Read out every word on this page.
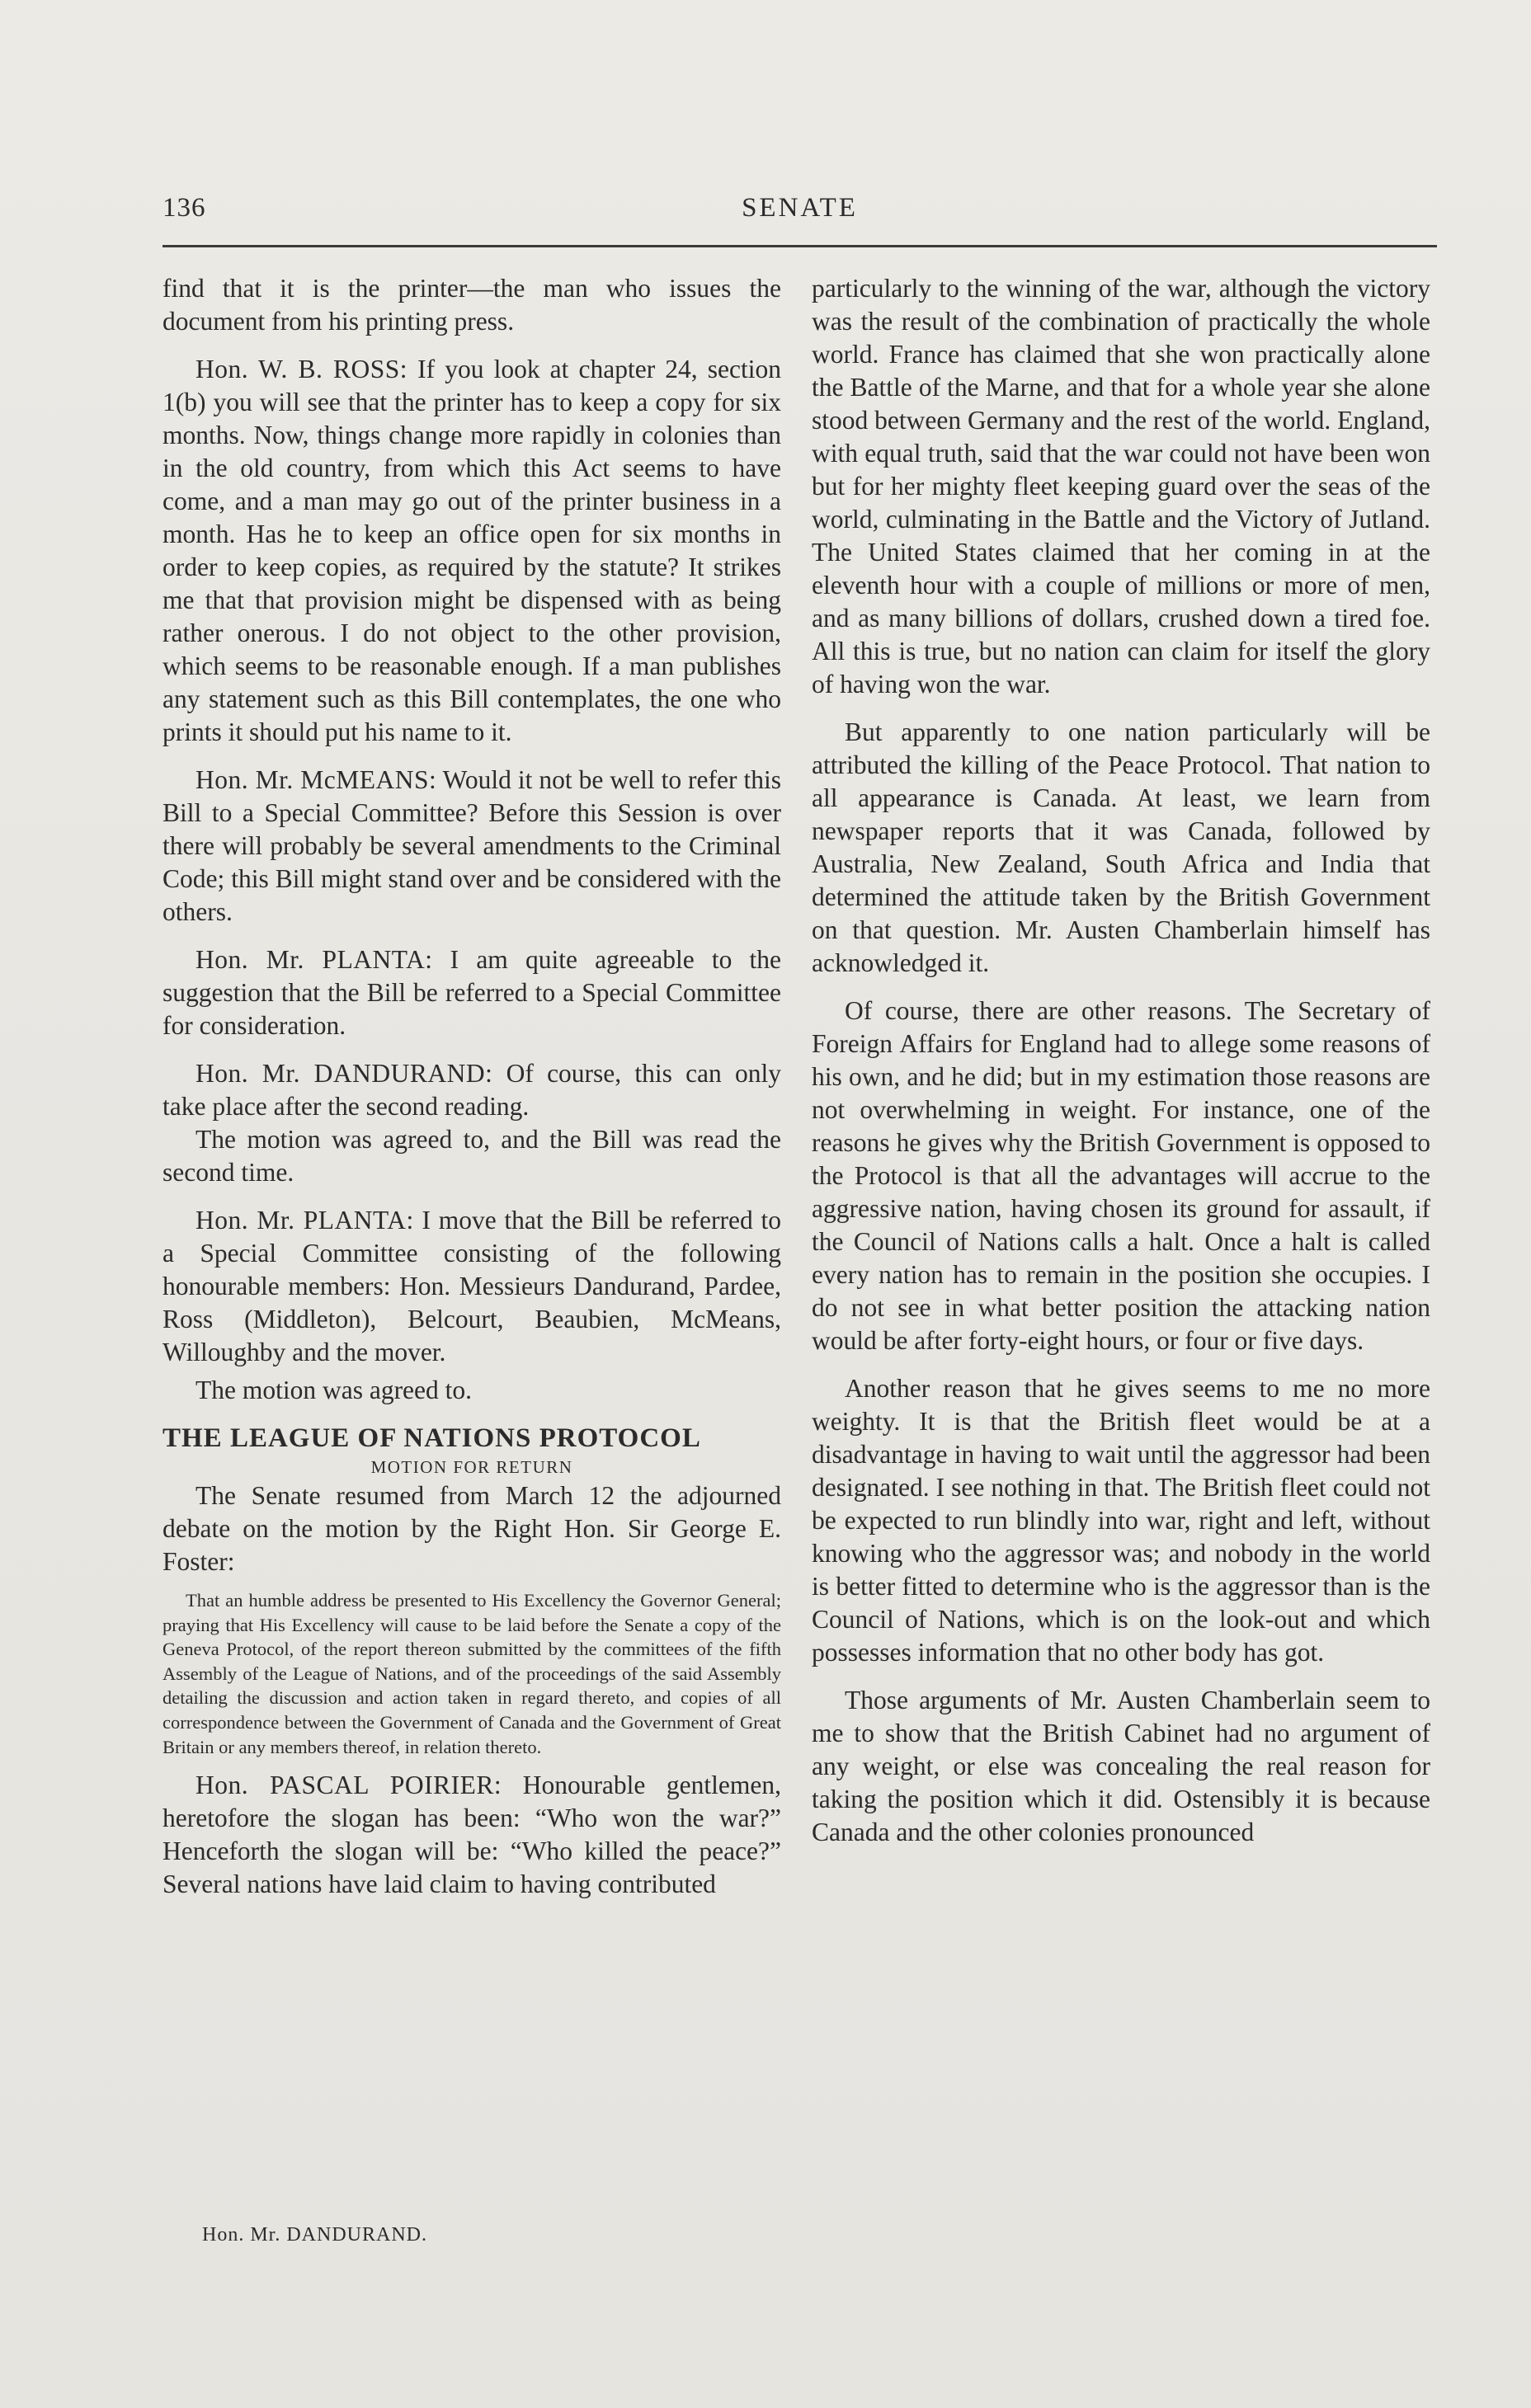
136	SENATE

find that it is the printer—the man who issues the document from his printing press.

Hon. W. B. ROSS: If you look at chapter 24, section 1(b) you will see that the printer has to keep a copy for six months. Now, things change more rapidly in colonies than in the old country, from which this Act seems to have come, and a man may go out of the printer business in a month. Has he to keep an office open for six months in order to keep copies, as required by the statute? It strikes me that that provision might be dispensed with as being rather onerous. I do not object to the other provision, which seems to be reasonable enough. If a man publishes any statement such as this Bill contemplates, the one who prints it should put his name to it.

Hon. Mr. McMEANS: Would it not be well to refer this Bill to a Special Committee? Before this Session is over there will probably be several amendments to the Criminal Code; this Bill might stand over and be considered with the others.

Hon. Mr. PLANTA: I am quite agreeable to the suggestion that the Bill be referred to a Special Committee for consideration.

Hon. Mr. DANDURAND: Of course, this can only take place after the second reading.

The motion was agreed to, and the Bill was read the second time.

Hon. Mr. PLANTA: I move that the Bill be referred to a Special Committee consisting of the following honourable members: Hon. Messieurs Dandurand, Pardee, Ross (Middleton), Belcourt, Beaubien, McMeans, Willoughby and the mover.

The motion was agreed to.

THE LEAGUE OF NATIONS PROTOCOL

MOTION FOR RETURN

The Senate resumed from March 12 the adjourned debate on the motion by the Right Hon. Sir George E. Foster:

That an humble address be presented to His Excellency the Governor General; praying that His Excellency will cause to be laid before the Senate a copy of the Geneva Protocol, of the report thereon submitted by the committees of the fifth Assembly of the League of Nations, and of the proceedings of the said Assembly detailing the discussion and action taken in regard thereto, and copies of all correspondence between the Government of Canada and the Government of Great Britain or any members thereof, in relation thereto.

Hon. PASCAL POIRIER: Honourable gentlemen, heretofore the slogan has been: “Who won the war?” Henceforth the slogan will be: “Who killed the peace?” Several nations have laid claim to having contributed

particularly to the winning of the war, although the victory was the result of the combination of practically the whole world. France has claimed that she won practically alone the Battle of the Marne, and that for a whole year she alone stood between Germany and the rest of the world. England, with equal truth, said that the war could not have been won but for her mighty fleet keeping guard over the seas of the world, culminating in the Battle and the Victory of Jutland. The United States claimed that her coming in at the eleventh hour with a couple of millions or more of men, and as many billions of dollars, crushed down a tired foe. All this is true, but no nation can claim for itself the glory of having won the war.

But apparently to one nation particularly will be attributed the killing of the Peace Protocol. That nation to all appearance is Canada. At least, we learn from newspaper reports that it was Canada, followed by Australia, New Zealand, South Africa and India that determined the attitude taken by the British Government on that question. Mr. Austen Chamberlain himself has acknowledged it.

Of course, there are other reasons. The Secretary of Foreign Affairs for England had to allege some reasons of his own, and he did; but in my estimation those reasons are not overwhelming in weight. For instance, one of the reasons he gives why the British Government is opposed to the Protocol is that all the advantages will accrue to the aggressive nation, having chosen its ground for assault, if the Council of Nations calls a halt. Once a halt is called every nation has to remain in the position she occupies. I do not see in what better position the attacking nation would be after forty-eight hours, or four or five days.

Another reason that he gives seems to me no more weighty. It is that the British fleet would be at a disadvantage in having to wait until the aggressor had been designated. I see nothing in that. The British fleet could not be expected to run blindly into war, right and left, without knowing who the aggressor was; and nobody in the world is better fitted to determine who is the aggressor than is the Council of Nations, which is on the look-out and which possesses information that no other body has got.

Those arguments of Mr. Austen Chamberlain seem to me to show that the British Cabinet had no argument of any weight, or else was concealing the real reason for taking the position which it did. Ostensibly it is because Canada and the other colonies pronounced

Hon. Mr. DANDURAND.
